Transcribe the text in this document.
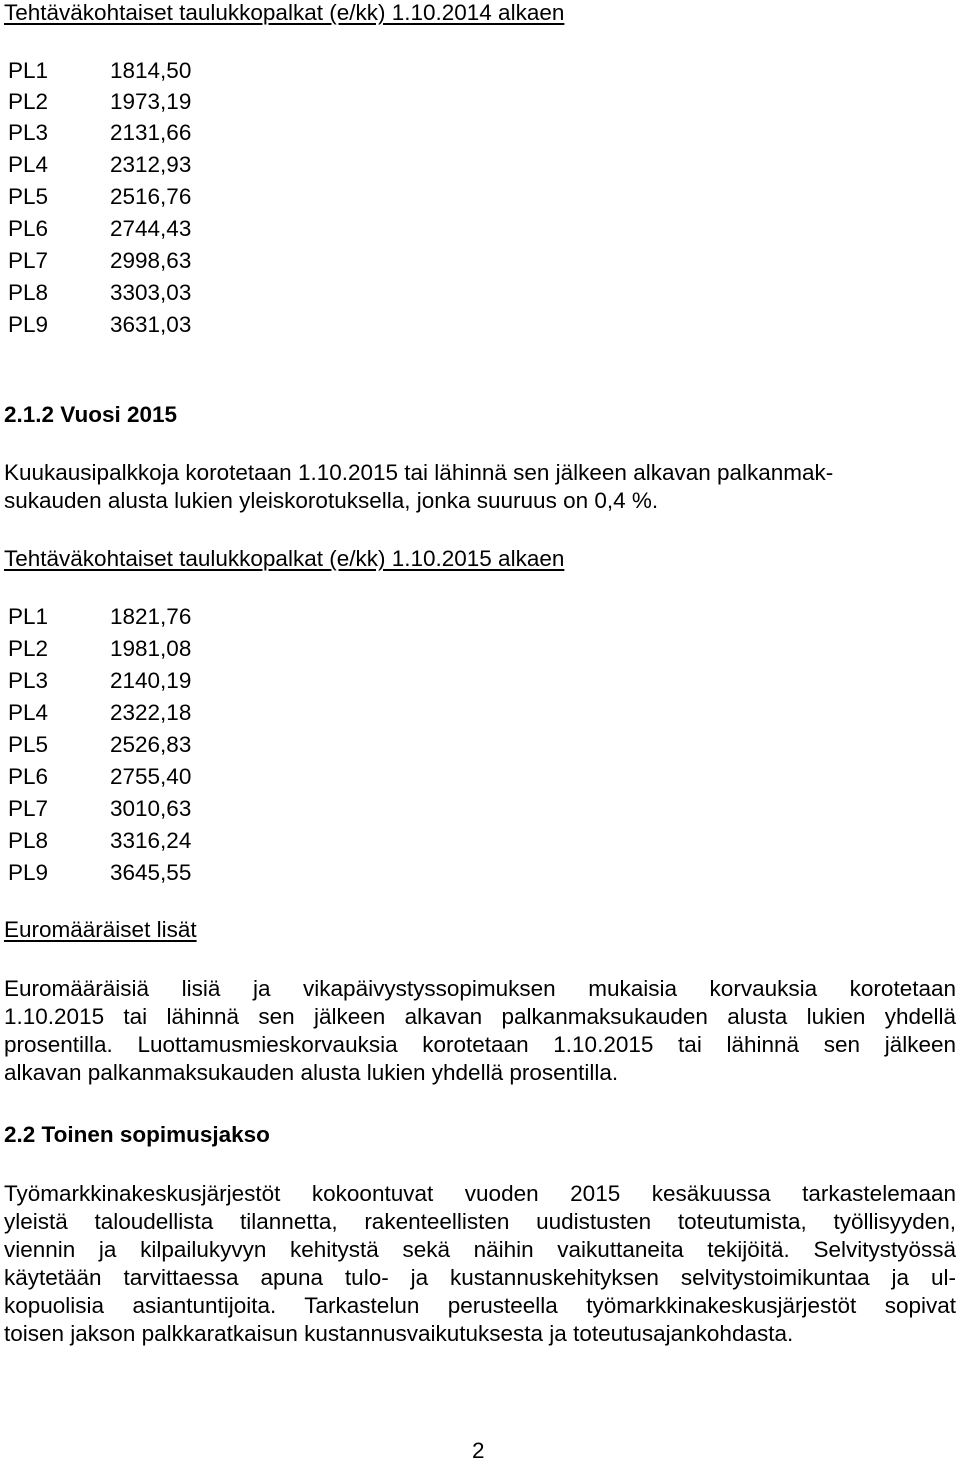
Tehtäväkohtaiset taulukkopalkat (e/kk) 1.10.2014 alkaen
PL1	1814,50
PL2	1973,19
PL3	2131,66
PL4	2312,93
PL5	2516,76
PL6	2744,43
PL7	2998,63
PL8	3303,03
PL9	3631,03
2.1.2 Vuosi 2015
Kuukausipalkkoja korotetaan 1.10.2015 tai lähinnä sen jälkeen alkavan palkanmak-
sukauden alusta lukien yleiskorotuksella, jonka suuruus on 0,4 %.
Tehtäväkohtaiset taulukkopalkat (e/kk) 1.10.2015 alkaen
PL1	1821,76
PL2	1981,08
PL3	2140,19
PL4	2322,18
PL5	2526,83
PL6	2755,40
PL7	3010,63
PL8	3316,24
PL9	3645,55
Euromääräiset lisät
Euromääräisiä lisiä ja vikapäivystyssopimuksen mukaisia korvauksia korotetaan
1.10.2015 tai lähinnä sen jälkeen alkavan palkanmaksukauden alusta lukien yhdellä
prosentilla. Luottamusmieskorvauksia korotetaan 1.10.2015 tai lähinnä sen jälkeen
alkavan palkanmaksukauden alusta lukien yhdellä prosentilla.
2.2 Toinen sopimusjakso
Työmarkkinakeskusjärjestöt kokoontuvat vuoden 2015 kesäkuussa tarkastelemaan
yleistä taloudellista tilannetta, rakenteellisten uudistusten toteutumista, työllisyyden,
viennin ja kilpailukyvyn kehitystä sekä näihin vaikuttaneita tekijöitä. Selvitystyössä
käytetään tarvittaessa apuna tulo- ja kustannuskehityksen selvitystoimikuntaa ja ul-
kopuolisia asiantuntijoita. Tarkastelun perusteella työmarkkinakeskusjärjestöt sopivat
toisen jakson palkkaratkaisun kustannusvaikutuksesta ja toteutusajankohdasta.
2
